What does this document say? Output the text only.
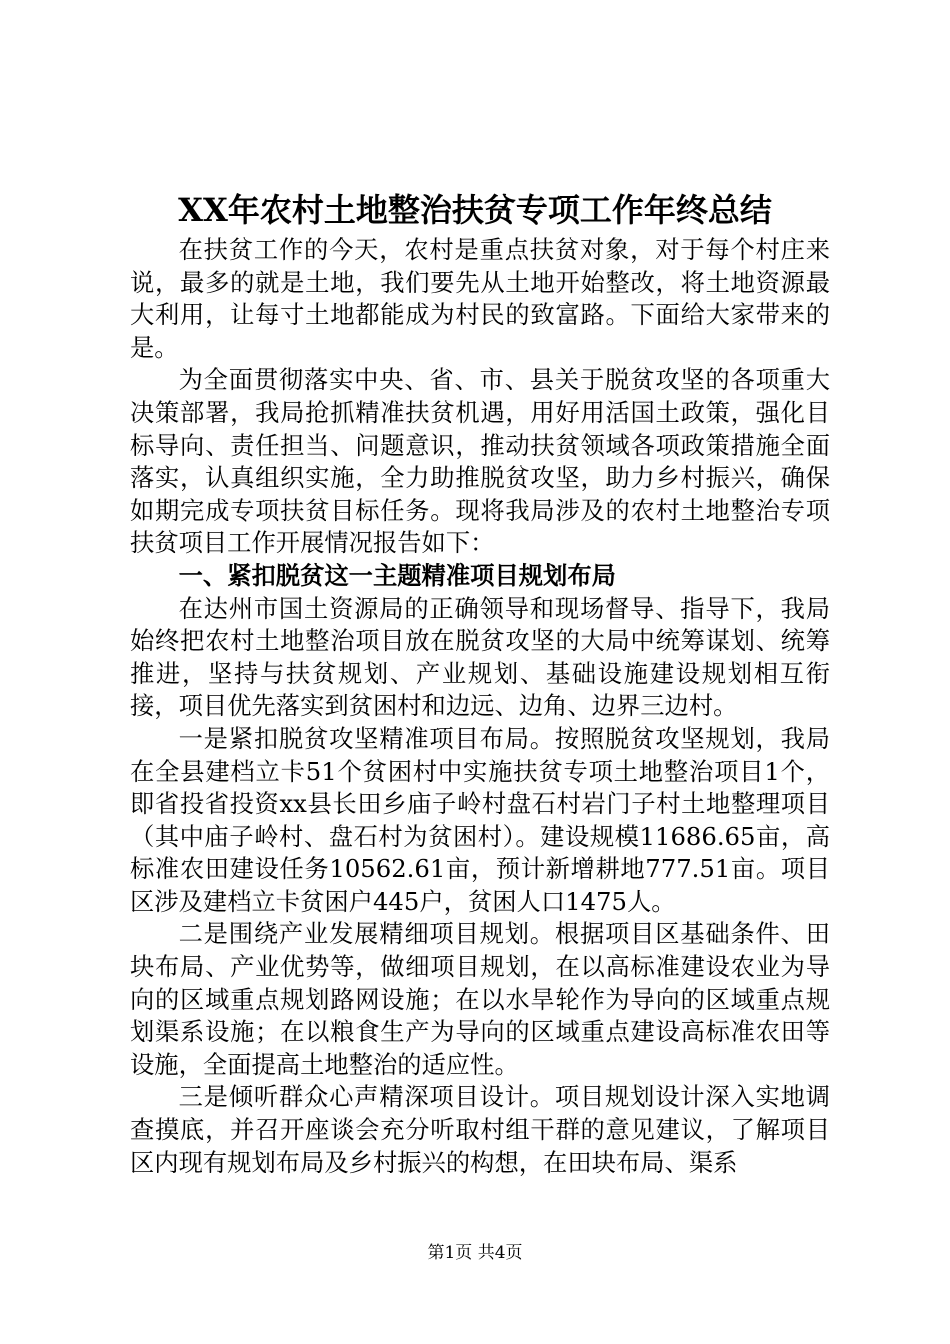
XX年农村土地整治扶贫专项工作年终总结

在扶贫工作的今天，农村是重点扶贫对象，对于每个村庄来说，最多的就是土地，我们要先从土地开始整改，将土地资源最大利用，让每寸土地都能成为村民的致富路。下面给大家带来的是。

为全面贯彻落实中央、省、市、县关于脱贫攻坚的各项重大决策部署，我局抢抓精准扶贫机遇，用好用活国土政策，强化目标导向、责任担当、问题意识，推动扶贫领域各项政策措施全面落实，认真组织实施，全力助推脱贫攻坚，助力乡村振兴，确保如期完成专项扶贫目标任务。现将我局涉及的农村土地整治专项扶贫项目工作开展情况报告如下：

一、紧扣脱贫这一主题精准项目规划布局

在达州市国土资源局的正确领导和现场督导、指导下，我局始终把农村土地整治项目放在脱贫攻坚的大局中统筹谋划、统筹推进，坚持与扶贫规划、产业规划、基础设施建设规划相互衔接，项目优先落实到贫困村和边远、边角、边界三边村。

一是紧扣脱贫攻坚精准项目布局。按照脱贫攻坚规划，我局在全县建档立卡51个贫困村中实施扶贫专项土地整治项目1个，即省投省投资xx县长田乡庙子岭村盘石村岩门子村土地整理项目（其中庙子岭村、盘石村为贫困村）。建设规模11686.65亩，高标准农田建设任务10562.61亩，预计新增耕地777.51亩。项目区涉及建档立卡贫困户445户，贫困人口1475人。

二是围绕产业发展精细项目规划。根据项目区基础条件、田块布局、产业优势等，做细项目规划，在以高标准建设农业为导向的区域重点规划路网设施；在以水旱轮作为导向的区域重点规划渠系设施；在以粮食生产为导向的区域重点建设高标准农田等设施，全面提高土地整治的适应性。

三是倾听群众心声精深项目设计。项目规划设计深入实地调查摸底，并召开座谈会充分听取村组干群的意见建议，了解项目区内现有规划布局及乡村振兴的构想，在田块布局、渠系

第1页 共4页
